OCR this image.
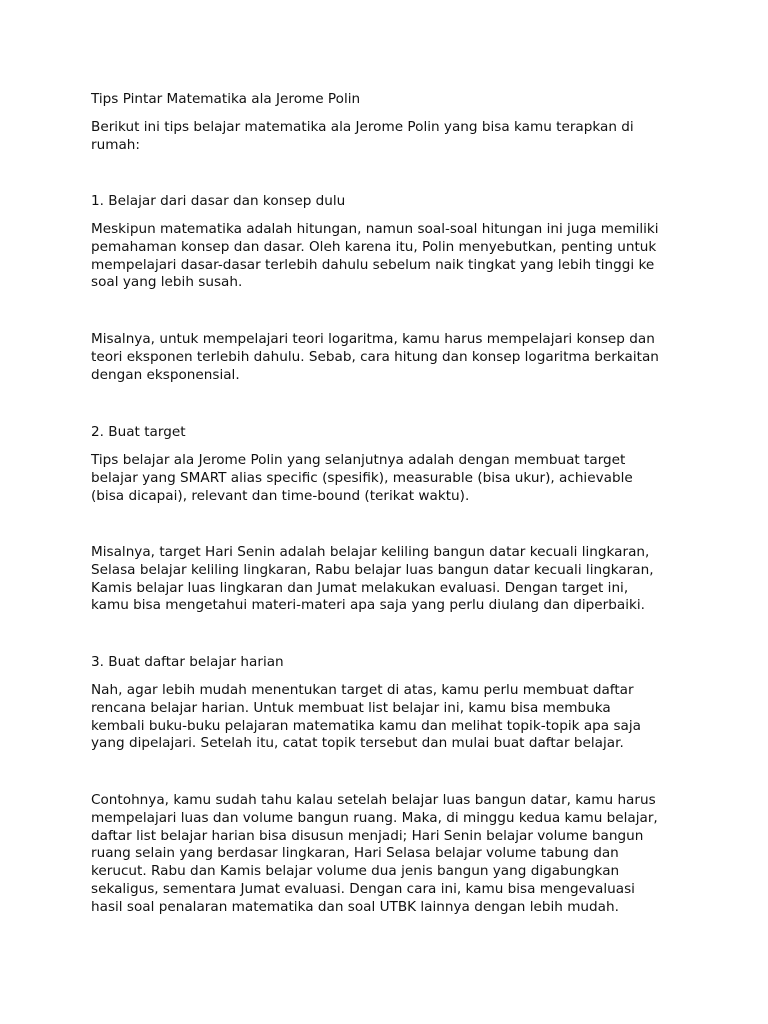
Tips Pintar Matematika ala Jerome Polin

Berikut ini tips belajar matematika ala Jerome Polin yang bisa kamu terapkan di
rumah:

1. Belajar dari dasar dan konsep dulu

Meskipun matematika adalah hitungan, namun soal-soal hitungan ini juga memiliki
pemahaman konsep dan dasar. Oleh karena itu, Polin menyebutkan, penting untuk
mempelajari dasar-dasar terlebih dahulu sebelum naik tingkat yang lebih tinggi ke
soal yang lebih susah.

Misalnya, untuk mempelajari teori logaritma, kamu harus mempelajari konsep dan
teori eksponen terlebih dahulu. Sebab, cara hitung dan konsep logaritma berkaitan
dengan eksponensial.

2. Buat target

Tips belajar ala Jerome Polin yang selanjutnya adalah dengan membuat target
belajar yang SMART alias specific (spesifik), measurable (bisa ukur), achievable
(bisa dicapai), relevant dan time-bound (terikat waktu).

Misalnya, target Hari Senin adalah belajar keliling bangun datar kecuali lingkaran,
Selasa belajar keliling lingkaran, Rabu belajar luas bangun datar kecuali lingkaran,
Kamis belajar luas lingkaran dan Jumat melakukan evaluasi. Dengan target ini,
kamu bisa mengetahui materi-materi apa saja yang perlu diulang dan diperbaiki.

3. Buat daftar belajar harian

Nah, agar lebih mudah menentukan target di atas, kamu perlu membuat daftar
rencana belajar harian. Untuk membuat list belajar ini, kamu bisa membuka
kembali buku-buku pelajaran matematika kamu dan melihat topik-topik apa saja
yang dipelajari. Setelah itu, catat topik tersebut dan mulai buat daftar belajar.

Contohnya, kamu sudah tahu kalau setelah belajar luas bangun datar, kamu harus
mempelajari luas dan volume bangun ruang. Maka, di minggu kedua kamu belajar,
daftar list belajar harian bisa disusun menjadi; Hari Senin belajar volume bangun
ruang selain yang berdasar lingkaran, Hari Selasa belajar volume tabung dan
kerucut. Rabu dan Kamis belajar volume dua jenis bangun yang digabungkan
sekaligus, sementara Jumat evaluasi. Dengan cara ini, kamu bisa mengevaluasi
hasil soal penalaran matematika dan soal UTBK lainnya dengan lebih mudah.
